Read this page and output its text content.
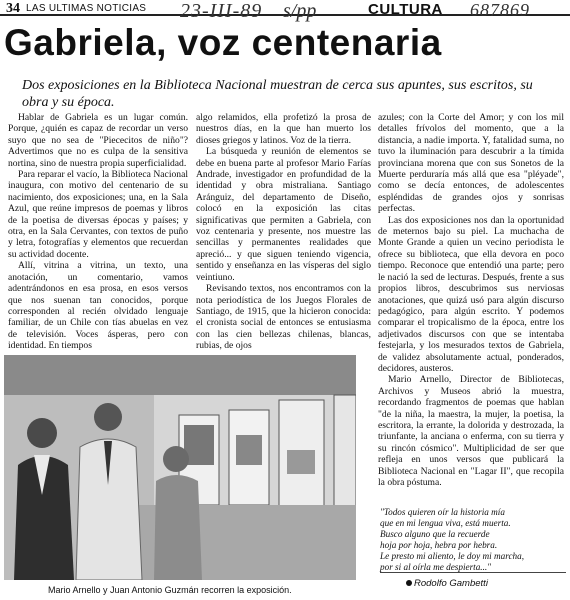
34 LAS ULTIMAS NOTICIAS 23-III-89 s/pp	CULTURA 687869
Gabriela, voz centenaria
Dos exposiciones en la Biblioteca Nacional muestran de cerca sus apuntes, sus escritos, su obra y su época.

Hablar de Gabriela es un lugar común. Porque, ¿quién es capaz de recordar un verso suyo que no sea de "Piececitos de niño"? Advertimos que no es culpa de la sensitiva nortina, sino de nuestra propia superficialidad.

Para reparar el vacío, la Biblioteca Nacional inaugura, con motivo del centenario de su nacimiento, dos exposiciones; una, en la Sala Azul, que reúne impresos de poemas y libros de la poetisa de diversas épocas y países; y otra, en la Sala Cervantes, con textos de puño y letra, fotografías y elementos que recuerdan su actividad docente.

Allí, vitrina a vitrina, un texto, una anotación, un comentario, vamos adentrándonos en esa prosa, en esos versos que nos suenan tan conocidos, porque corresponden al recién olvidado lenguaje familiar, de un Chile con tías abuelas en vez de televisión. Voces ásperas, pero con identidad. En tiempos

algo relamidos, ella profetizó la prosa de nuestros días, en la que han muerto los dioses griegos y latinos. Voz de la tierra.

La búsqueda y reunión de elementos se debe en buena parte al profesor Mario Farías Andrade, investigador en profundidad de la identidad y obra mistraliana. Santiago Aránguiz, del departamento de Diseño, colocó en la exposición las citas significativas que permiten a Gabriela, con voz centenaria y presente, nos muestre las sencillas y permanentes realidades que apreció... y que siguen teniendo vigencia, sentido y enseñanza en las vísperas del siglo veintiuno.

Revisando textos, nos encontramos con la nota periodística de los Juegos Florales de Santiago, de 1915, que la hicieron conocida: el cronista social de entonces se entusiasma con las cien bellezas chilenas, blancas, rubias, de ojos

azules; con la Corte del Amor; y con los mil detalles frívolos del momento, que a la distancia, a nadie importa. Y, fatalidad suma, no tuvo la iluminación para descubrir a la tímida provinciana morena que con sus Sonetos de la Muerte perduraría más allá que esa "pléyade", como se decía entonces, de adolescentes espléndidas de grandes ojos y sonrisas perfectas.

Las dos exposiciones nos dan la oportunidad de meternos bajo su piel. La muchacha de Monte Grande a quien un vecino periodista le ofrece su biblioteca, que ella devora en poco tiempo. Reconoce que entendió una parte; pero le nació la sed de lecturas. Después, frente a sus propios libros, descubrimos sus nerviosas anotaciones, que quizá usó para algún discurso pedagógico, para algún escrito. Y podemos comparar el tropicalismo de la época, entre los adjetivados discursos con que se intentaba festejarla, y los mesurados textos de Gabriela, de validez absolutamente actual, ponderados, decidores, austeros.

Mario Arnello, Director de Bibliotecas, Archivos y Museos abrió la muestra, recordando fragmentos de poemas que hablan "de la niña, la maestra, la mujer, la poetisa, la escritora, la errante, la dolorida y destrozada, la triunfante, la anciana o enferma, con su tierra y su rincón cósmico". Multiplicidad de ser que refleja en unos versos que publicará la Biblioteca Nacional en "Lagar II", que recopila la obra póstuma.

Mario Arnello y Juan Antonio Guzmán recorren la exposición.
"Todos quieren oír la historia mía
que en mi lengua viva, está muerta.
Busco alguno que la recuerde
hoja por hoja, hebra por hebra.
Le presto mi aliento, le doy mi marcha,
por si al oírla me despierta..."
Rodolfo Gambetti
